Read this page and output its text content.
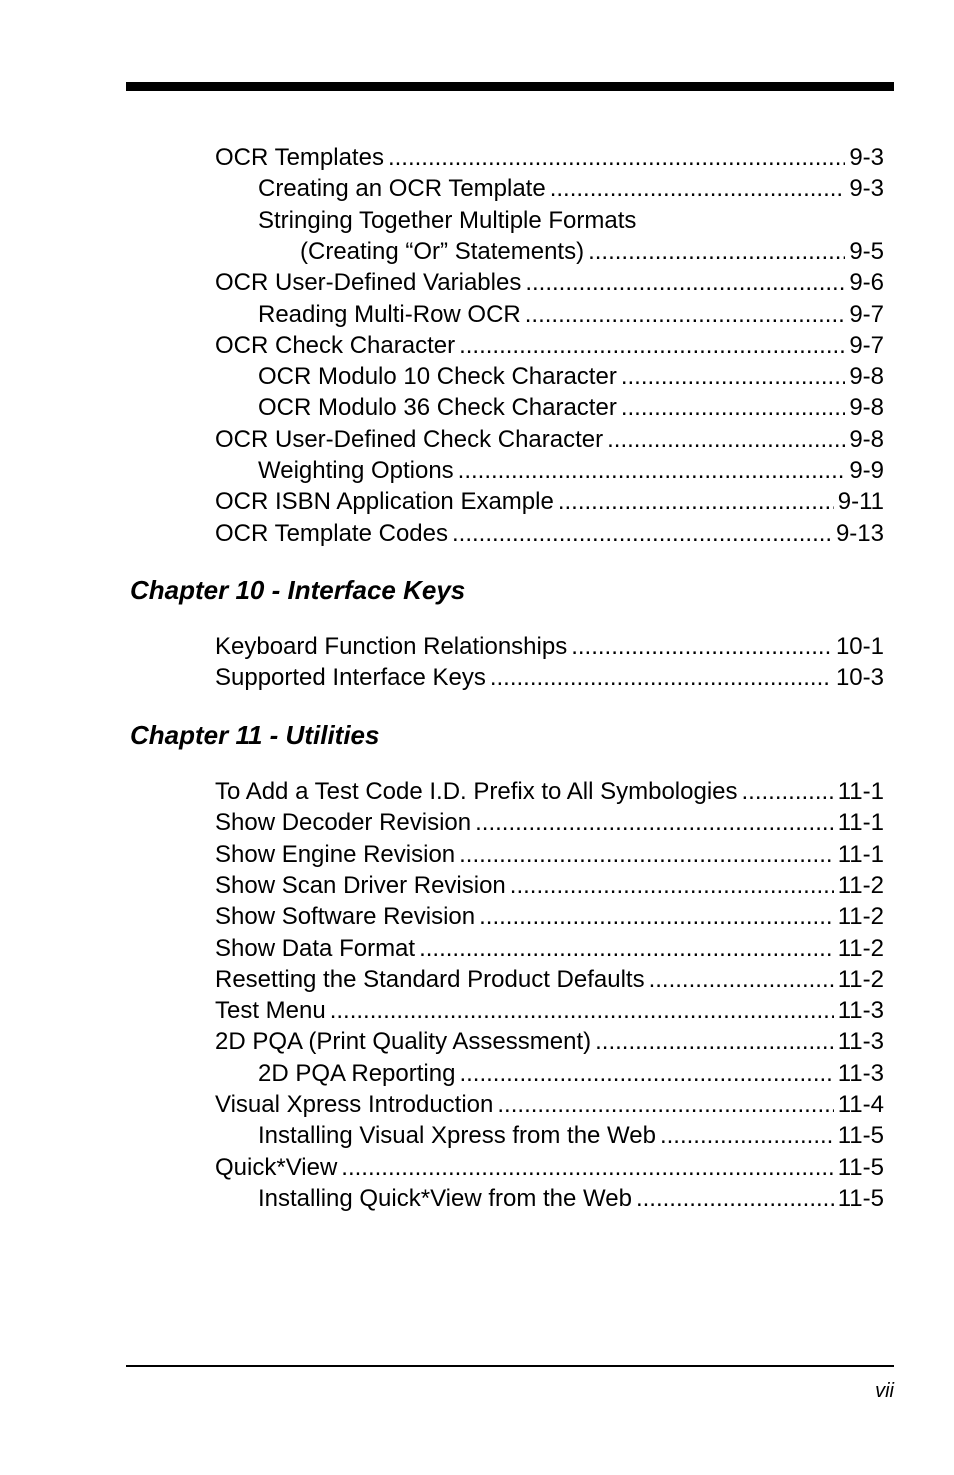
OCR Templates .....	9-3
Creating an OCR Template .....	9-3
Stringing Together Multiple Formats
(Creating “Or” Statements) .....	9-5
OCR User-Defined Variables .....	9-6
Reading Multi-Row OCR .....	9-7
OCR Check Character .....	9-7
OCR Modulo 10 Check Character .....	9-8
OCR Modulo 36 Check Character .....	9-8
OCR User-Defined Check Character .....	9-8
Weighting Options .....	9-9
OCR ISBN Application Example .....	9-11
OCR Template Codes .....	9-13
Chapter 10 - Interface Keys
Keyboard Function Relationships .....	10-1
Supported Interface Keys .....	10-3
Chapter 11 - Utilities
To Add a Test Code I.D. Prefix to All Symbologies .....	11-1
Show Decoder Revision .....	11-1
Show Engine Revision .....	11-1
Show Scan Driver Revision .....	11-2
Show Software Revision .....	11-2
Show Data Format .....	11-2
Resetting the Standard Product Defaults .....	11-2
Test Menu .....	11-3
2D PQA (Print Quality Assessment) .....	11-3
2D PQA Reporting .....	11-3
Visual Xpress Introduction .....	11-4
Installing Visual Xpress from the Web .....	11-5
Quick*View .....	11-5
Installing Quick*View from the Web .....	11-5
vii
